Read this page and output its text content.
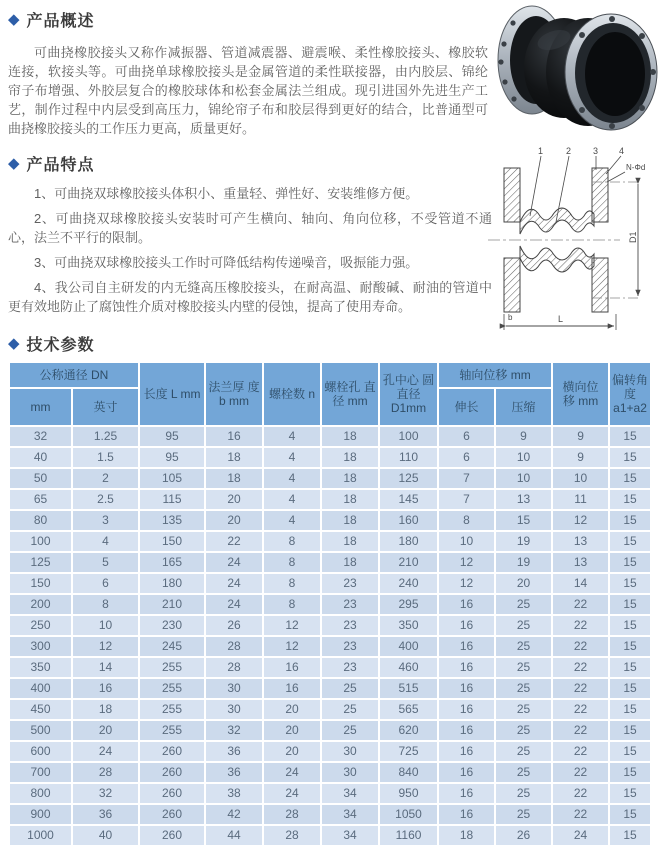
1	2 3 4
N-Φd
D1
L
b
◆ 产品概述

可曲挠橡胶接头又称作减振器、管道减震器、避震喉、柔性橡胶接头、橡胶软连接，软接头等。可曲挠单球橡胶接头是金属管道的柔性联接器，由内胶层、锦纶帘子布增强、外胶层复合的橡胶球体和松套金属法兰组成。现引进国外先进生产工艺，制作过程中内层受到高压力，锦纶帘子布和胶层得到更好的结合，比普通型可曲挠橡胶接头的工作压力更高，质量更好。

◆ 产品特点

1、可曲挠双球橡胶接头体积小、重量轻、弹性好、安装维修方便。

2、可曲挠双球橡胶接头安装时可产生横向、轴向、角向位移，不受管道不通心，法兰不平行的限制。

3、可曲挠双球橡胶接头工作时可降低结构传递噪音，吸振能力强。

4、我公司自主研发的内无缝高压橡胶接头，在耐高温、耐酸碱、耐油的管道中更有效地防止了腐蚀性介质对橡胶接头内壁的侵蚀，提高了使用寿命。

◆ 技术参数
公称通径 DN		长度 L mm	法兰厚 度 b mm	螺栓数 n	螺栓孔 直径 mm	孔中心 圆直径 D1mm	轴向位移 mm		横向位 移 mm	偏转角 度 a1+a2
mm	英寸						伸长	压缩		
32	1.25	95	16	4	18	100	6	9	9	15
40	1.5	95	18	4	18	110	6	10	9	15
50	2	105	18	4	18	125	7	10	10	15
65	2.5	115	20	4	18	145	7	13	11	15
80	3	135	20	4	18	160	8	15	12	15
100	4	150	22	8	18	180	10	19	13	15
125	5	165	24	8	18	210	12	19	13	15
150	6	180	24	8	23	240	12	20	14	15
200	8	210	24	8	23	295	16	25	22	15
250	10	230	26	12	23	350	16	25	22	15
300	12	245	28	12	23	400	16	25	22	15
350	14	255	28	16	23	460	16	25	22	15
400	16	255	30	16	25	515	16	25	22	15
450	18	255	30	20	25	565	16	25	22	15
500	20	255	32	20	25	620	16	25	22	15
600	24	260	36	20	30	725	16	25	22	15
700	28	260	36	24	30	840	16	25	22	15
800	32	260	38	24	34	950	16	25	22	15
900	36	260	42	28	34	1050	16	25	22	15
1000	40	260	44	28	34	1160	18	26	24	15
